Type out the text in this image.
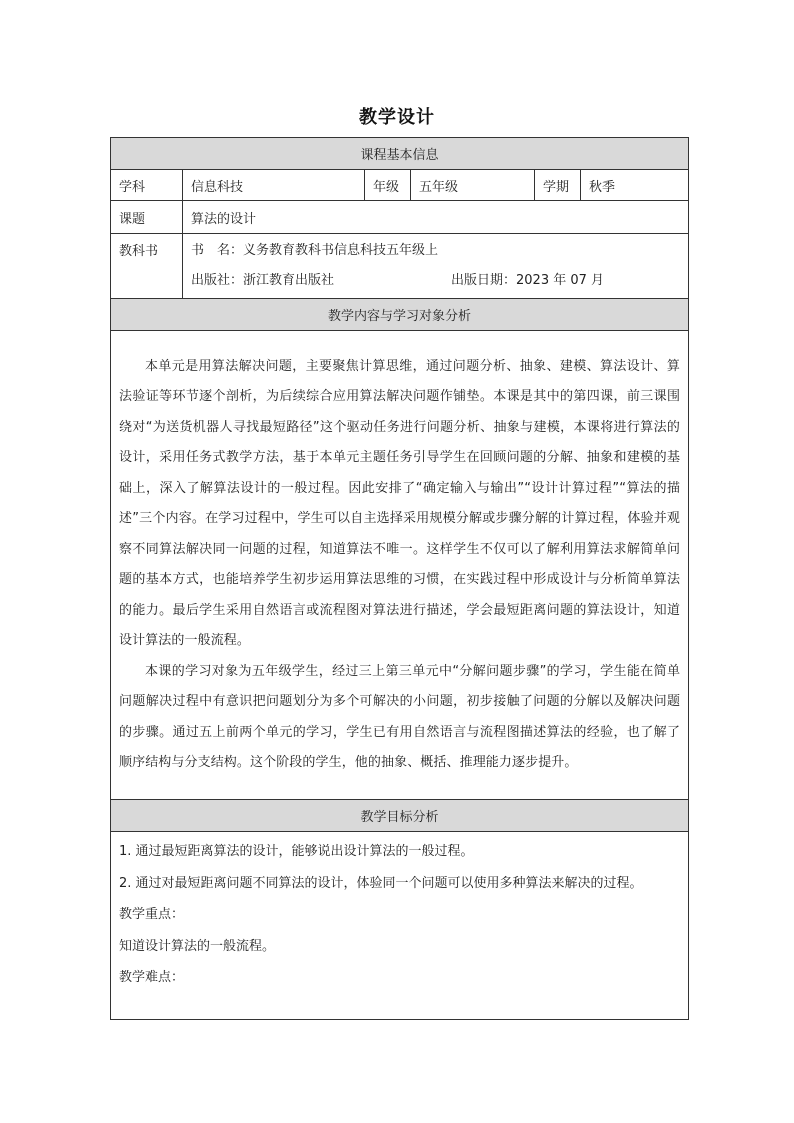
教学设计
课程基本信息					
学科	信息科技	年级	五年级	学期	秋季
课题	算法的设计				
教科书	书　名：义务教育教科书信息科技五年级上
出版社：浙江教育出版社 出版日期：2023 年 07 月				

教学内容与学习对象分析					

本单元是用算法解决问题，主要聚焦计算思维，通过问题分析、抽象、建模、算法设计、算法验证等环节逐个剖析，为后续综合应用算法解决问题作铺垫。本课是其中的第四课，前三课围绕对“为送货机器人寻找最短路径”这个驱动任务进行问题分析、抽象与建模，本课将进行算法的设计，采用任务式教学方法，基于本单元主题任务引导学生在回顾问题的分解、抽象和建模的基础上，深入了解算法设计的一般过程。因此安排了“确定输入与输出”“设计计算过程”“算法的描述”三个内容。在学习过程中，学生可以自主选择采用规模分解或步骤分解的计算过程，体验并观察不同算法解决同一问题的过程，知道算法不唯一。这样学生不仅可以了解利用算法求解简单问题的基本方式，也能培养学生初步运用算法思维的习惯，在实践过程中形成设计与分析简单算法的能力。最后学生采用自然语言或流程图对算法进行描述，学会最短距离问题的算法设计，知道设计算法的一般流程。

本课的学习对象为五年级学生，经过三上第三单元中“分解问题步骤”的学习，学生能在简单问题解决过程中有意识把问题划分为多个可解决的小问题，初步接触了问题的分解以及解决问题的步骤。通过五上前两个单元的学习，学生已有用自然语言与流程图描述算法的经验，也了解了顺序结构与分支结构。这个阶段的学生，他的抽象、概括、推理能力逐步提升。					

教学目标分析					

1. 通过最短距离算法的设计，能够说出设计算法的一般过程。

2. 通过对最短距离问题不同算法的设计，体验同一个问题可以使用多种算法来解决的过程。

教学重点：

知道设计算法的一般流程。

教学难点：					
